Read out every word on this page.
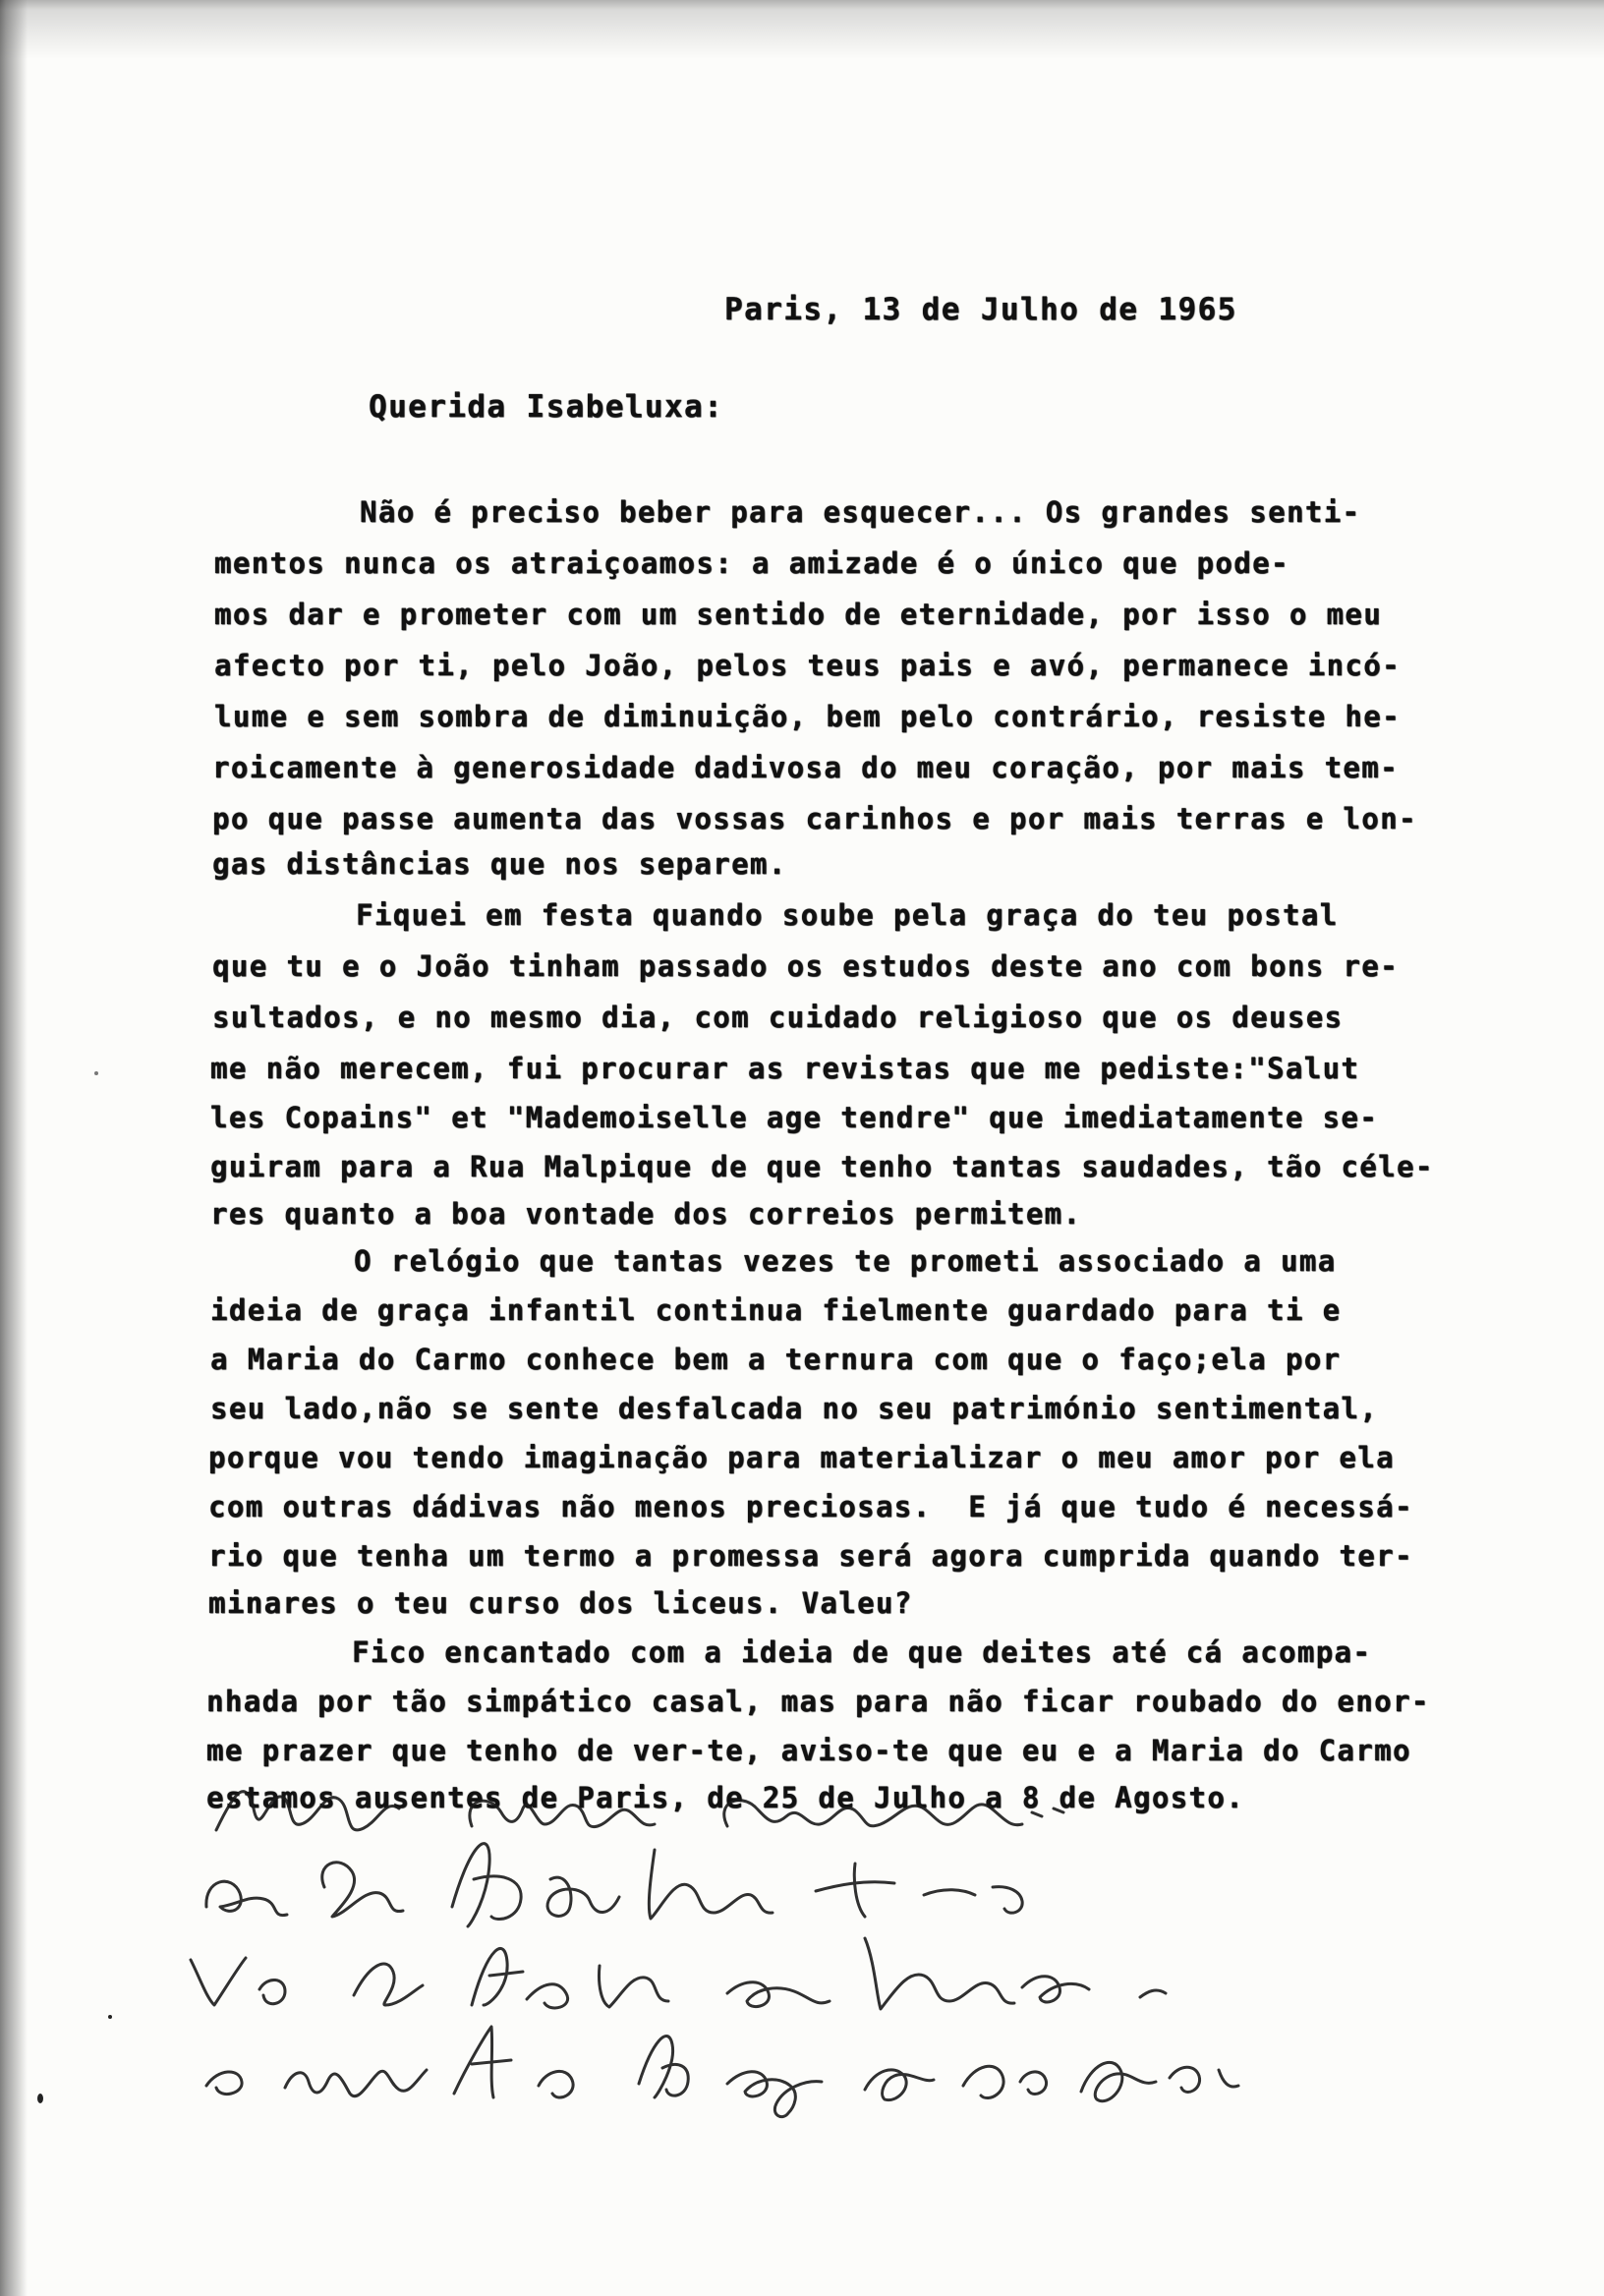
Paris, 13 de Julho de 1965
Querida Isabeluxa:
Não é preciso beber para esquecer... Os grandes senti-
mentos nunca os atraiçoamos: a amizade é o único que pode-
mos dar e prometer com um sentido de eternidade, por isso o meu
afecto por ti, pelo João, pelos teus pais e avó, permanece incó-
lume e sem sombra de diminuição, bem pelo contrário, resiste he-
roicamente à generosidade dadivosa do meu coração, por mais tem-
po que passe aumenta das vossas carinhos e por mais terras e lon-
gas distâncias que nos separem.
Fiquei em festa quando soube pela graça do teu postal
que tu e o João tinham passado os estudos deste ano com bons re-
sultados, e no mesmo dia, com cuidado religioso que os deuses
me não merecem, fui procurar as revistas que me pediste:"Salut
les Copains" et "Mademoiselle age tendre" que imediatamente se-
guiram para a Rua Malpique de que tenho tantas saudades, tão céle-
res quanto a boa vontade dos correios permitem.
O relógio que tantas vezes te prometi associado a uma
ideia de graça infantil continua fielmente guardado para ti e
a Maria do Carmo conhece bem a ternura com que o faço;ela por
seu lado,não se sente desfalcada no seu património sentimental,
porque vou tendo imaginação para materializar o meu amor por ela
com outras dádivas não menos preciosas.  E já que tudo é necessá-
rio que tenha um termo a promessa será agora cumprida quando ter-
minares o teu curso dos liceus. Valeu?
Fico encantado com a ideia de que deites até cá acompa-
nhada por tão simpático casal, mas para não ficar roubado do enor-
me prazer que tenho de ver-te, aviso-te que eu e a Maria do Carmo
estamos ausentes de Paris, de 25 de Julho a 8 de Agosto.
